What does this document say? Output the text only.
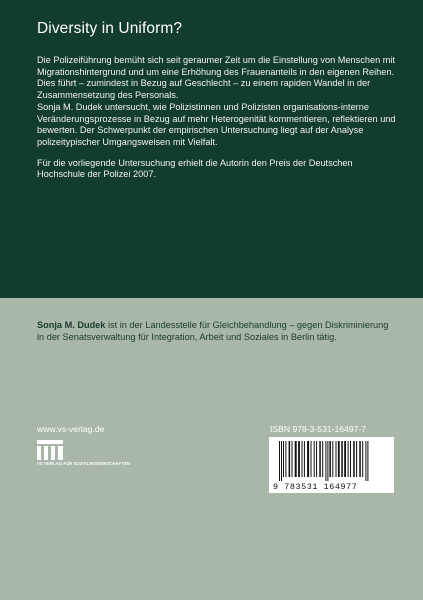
Diversity in Uniform?

Die Polizeiführung bemüht sich seit geraumer Zeit um die Einstellung von Menschen mit Migrationshintergrund und um eine Erhöhung des Frauenanteils in den eigenen Reihen. Dies führt – zumindest in Bezug auf Geschlecht – zu einem rapiden Wandel in der Zusammensetzung des Personals.

Sonja M. Dudek untersucht, wie Polizistinnen und Polizisten organisations-interne Veränderungsprozesse in Bezug auf mehr Heterogenität kommentieren, reflektieren und bewerten. Der Schwerpunkt der empirischen Untersuchung liegt auf der Analyse polizeitypischer Umgangsweisen mit Vielfalt.

Für die vorliegende Untersuchung erhielt die Autorin den Preis der Deutschen Hochschule der Polizei 2007.

Sonja M. Dudek ist in der Landesstelle für Gleichbehandlung – gegen Diskriminierung in der Senatsverwaltung für Integration, Arbeit und Soziales in Berlin tätig.
www.vs-verlag.de	ISBN 978-3-531-16497-7
VS VERLAG FÜR SOZIALWISSENSCHAFTEN
9 783531 164977
